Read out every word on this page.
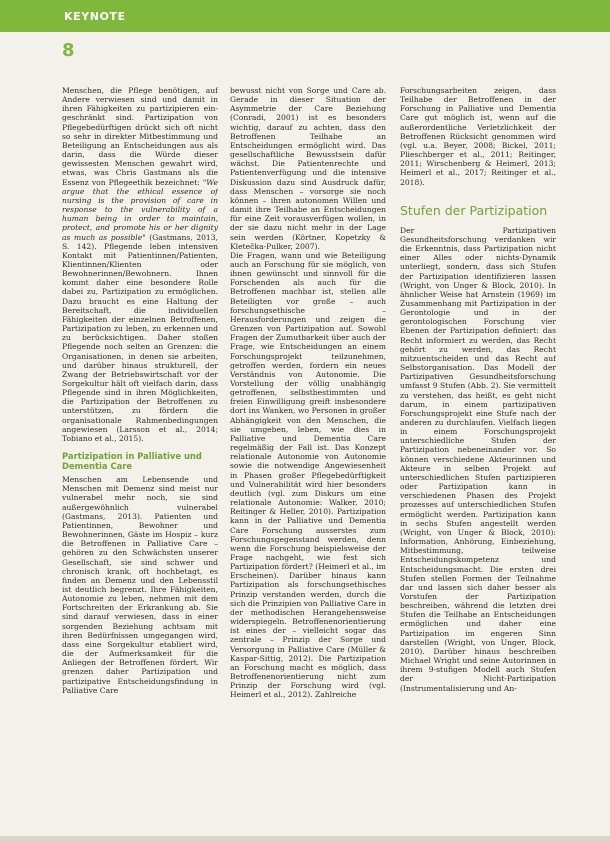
KEYNOTE
8

Menschen, die Pflege benötigen, auf Andere verwiesen sind und damit in ihren Fähigkeiten zu partizipieren ein-geschränkt sind. Partizipation von Pflegebedürftigen drückt sich oft nicht so sehr in direkter Mitbestimmung und Beteiligung an Entscheidungen aus als darin, dass die Würde dieser gewissesten Menschen gewahrt wird, etwas, was Chris Gastmans als die Essenz von Pflegeethik bezeichnet: "We argue that the ethical essence of nursing is the provision of care in response to the vulnerability of a human being in order to maintain, protect, and promote his or her dignity as much as possible" (Gastmans, 2013, S. 142). Pflegende leben intensiven Kontakt mit Patientinnen/Patienten, Klientinnen/Klienten oder Bewohnerinnen/Bewohnern. Ihnen kommt daher eine besondere Rolle dabei zu, Partizipation zu ermöglichen. Dazu braucht es eine Haltung der Bereitschaft, die individuellen Fähigkeiten der einzelnen Betroffenen, Partizipation zu leben, zu erkennen und zu berücksichtigen. Daher stoßen Pflegende noch selten an Grenzen: die Organisationen, in denen sie arbeiten, und darüber hinaus strukturell, der Zwang der Betriebswirtschaft vor der Sorgekultur hält oft vielfach darin, dass Pflegende sind in ihren Möglichkeiten, die Partizipation der Betroffenen zu unterstützen, zu fördern die organisationale Rahmenbedingungen angewiesen (Larsson et al., 2014; Tobiano et al., 2015).

Partizipation in Palliative und Dementia Care

Menschen am Lebensende und Menschen mit Demenz sind meist nur vulnerabel mehr noch, sie sind außergewöhnlich vulnerabel (Gastmans, 2013). Patienten und Patientinnen, Bewohner und Bewohnerinnen, Gäste im Hospiz – kurz die Betroffenen in Palliative Care – gehören zu den Schwächsten unserer Gesellschaft, sie sind schwer und chronisch krank, oft hochbetagt, es finden an Demenz und den Lebensstil ist deutlich begrenzt. Ihre Fähigkeiten, Autonomie zu leben, nehmen mit dem Fortschreiten der Erkrankung ab. Sie sind darauf verwiesen, dass in einer sorgenden Beziehung achtsam mit ihren Bedürfnissen umgegangen wird, dass eine Sorgekultur etabliert wird, die der Aufmerksamkeit für die Anliegen der Betroffenen fördert. Wir grenzen daher Partizipation und partizipative Entscheidungsfindung in Palliative Care

bewusst nicht von Sorge und Care ab. Gerade in dieser Situation der Asymmetrie der Care Beziehung (Conradi, 2001) ist es besonders wichtig, darauf zu achten, dass den Betroffenen Teilhabe an Entscheidungen ermöglicht wird. Das gesellschaftliche Bewusstsein dafür wächst. Die Patientenrechte und Patientenverfügung und die intensive Diskussion dazu sind Ausdruck dafür, dass Menschen – vorsorge sie noch können – ihren autonomen Willen und damit ihre Teilhabe an Entscheidungen für eine Zeit vorausverfügen wollen, in der sie dazu nicht mehr in der Lage sein werden (Körtner, Kopetzky & Kletečka-Pulker, 2007).

Die Fragen, wann und wie Beteiligung auch an Forschung für sie möglich, von ihnen gewünscht und sinnvoll für die Forschenden als auch für die Betroffenen machbar ist, stellen alle Beteiligten vor große – auch forschungsethische – Herausforderungen und zeigen die Grenzen von Partizipation auf. Sowohl Fragen der Zumutbarkeit über auch der Frage, wie Entscheidungen an einem Forschungsprojekt teilzunehmen, getroffen werden, fordern ein neues Verständnis von Autonomie. Die Vorstellung der völlig unabhängig getroffenen, selbstbestimmten und freien Einwilligung greift insbesondere dort ins Wanken, wo Personen in großer Abhängigkeit von den Menschen, die sie umgeben, leben, wie dies in Palliative und Dementia Care regelmäßig der Fall ist. Das Konzept relationale Autonomie von Autonomie sowie die notwendige Angewiesenheit in Phasen großer Pflegebedürftigkeit und Vulnerabilität wird hier besonders deutlich (vgl. zum Diskurs um eine relationale Autonomie: Walker, 2010; Reitinger & Heller, 2010). Partizipation kann in der Palliative und Dementia Care Forschung ausserstes zum Forschungsgegenstand werden, denn wenn die Forschung beispielsweise der Frage nachgeht, wie fest sich Partizipation fördert? (Heimerl et al., im Erscheinen). Darüber hinaus kann Partizipation als forschungsethisches Prinzip verstanden werden, durch die sich die Prinzipien von Palliative Care in der methodischen Herangehensweise widerspiegeln. Betroffenenorientierung ist eines der – vielleicht sogar das zentrale – Prinzip der Sorge und Versorgung in Palliative Care (Müller & Kaspar-Sittig, 2012). Die Partizipation an Forschung macht es möglich, dass Betroffenenorientierung nicht zum Prinzip der Forschung wird (vgl. Heimerl et al., 2012). Zahlreiche

Forschungsarbeiten zeigen, dass Teilhabe der Betroffenen in der Forschung in Palliative und Dementia Care gut möglich ist, wenn auf die außerordentliche Verletzlichkeit der Betroffenen Rücksicht genommen wird (vgl. u.a. Beyer, 2008; Bickel, 2011; Plieschberger et al., 2011; Reitinger, 2011; Wirschenberg & Heimerl, 2013; Heimerl et al., 2017; Reitinger et al., 2018).

Stufen der Partizipation

Der Partizipativen Gesundheitsforschung verdanken wir die Erkenntnis, dass Partizipation nicht einer Alles oder nichts-Dynamik unterliegt, sondern, dass sich Stufen der Partizipation identifizieren lassen (Wright, von Unger & Block, 2010). In ähnlicher Weise hat Arnstein (1969) im Zusammenhang mit Partizipation in der Gerontologie und in der gerontologischen Forschung vier Ebenen der Partizipation definiert: das Recht informiert zu werden, das Recht gehört zu werden, das Recht mitzuentscheiden und das Recht auf Selbstorganisation. Das Modell der Partizipativen Gesundheitsforschung umfasst 9 Stufen (Abb. 2). Sie vermittelt zu verstehen, das heißt, es geht nicht darum, in einem partizipativen Forschungsprojekt eine Stufe nach der anderen zu durchlaufen. Vielfach liegen in einem Forschungsprojekt unterschiedliche Stufen der Partizipation nebeneinander vor. So können verschiedene Akteurinnen und Akteure in selben Projekt auf unterschiedlichen Stufen partizipieren oder Partizipation kann in verschiedenen Phasen des Projekt prozesses auf unterschiedlichen Stufen ermöglicht werden. Partizipation kann in sechs Stufen angestellt werden (Wright, von Unger & Block, 2010): Information, Anhörung, Einbeziehung, Mitbestimmung, teilweise Entscheidungskompetenz und Entscheidungsmacht. Die ersten drei Stufen stellen Formen der Teilnahme dar und lassen sich daher besser als Vorstufen der Partizipation beschreiben, während die letzten drei Stufen die Teilhabe an Entscheidungen ermöglichen und daher eine Partizipation im engeren Sinn darstellen (Wright, von Unger, Block, 2010). Darüber hinaus beschreiben Michael Wright und seine Autorinnen in ihrem 9-stufigen Modell auch Stufen der Nicht-Partizipation (Instrumentalisierung und An-
